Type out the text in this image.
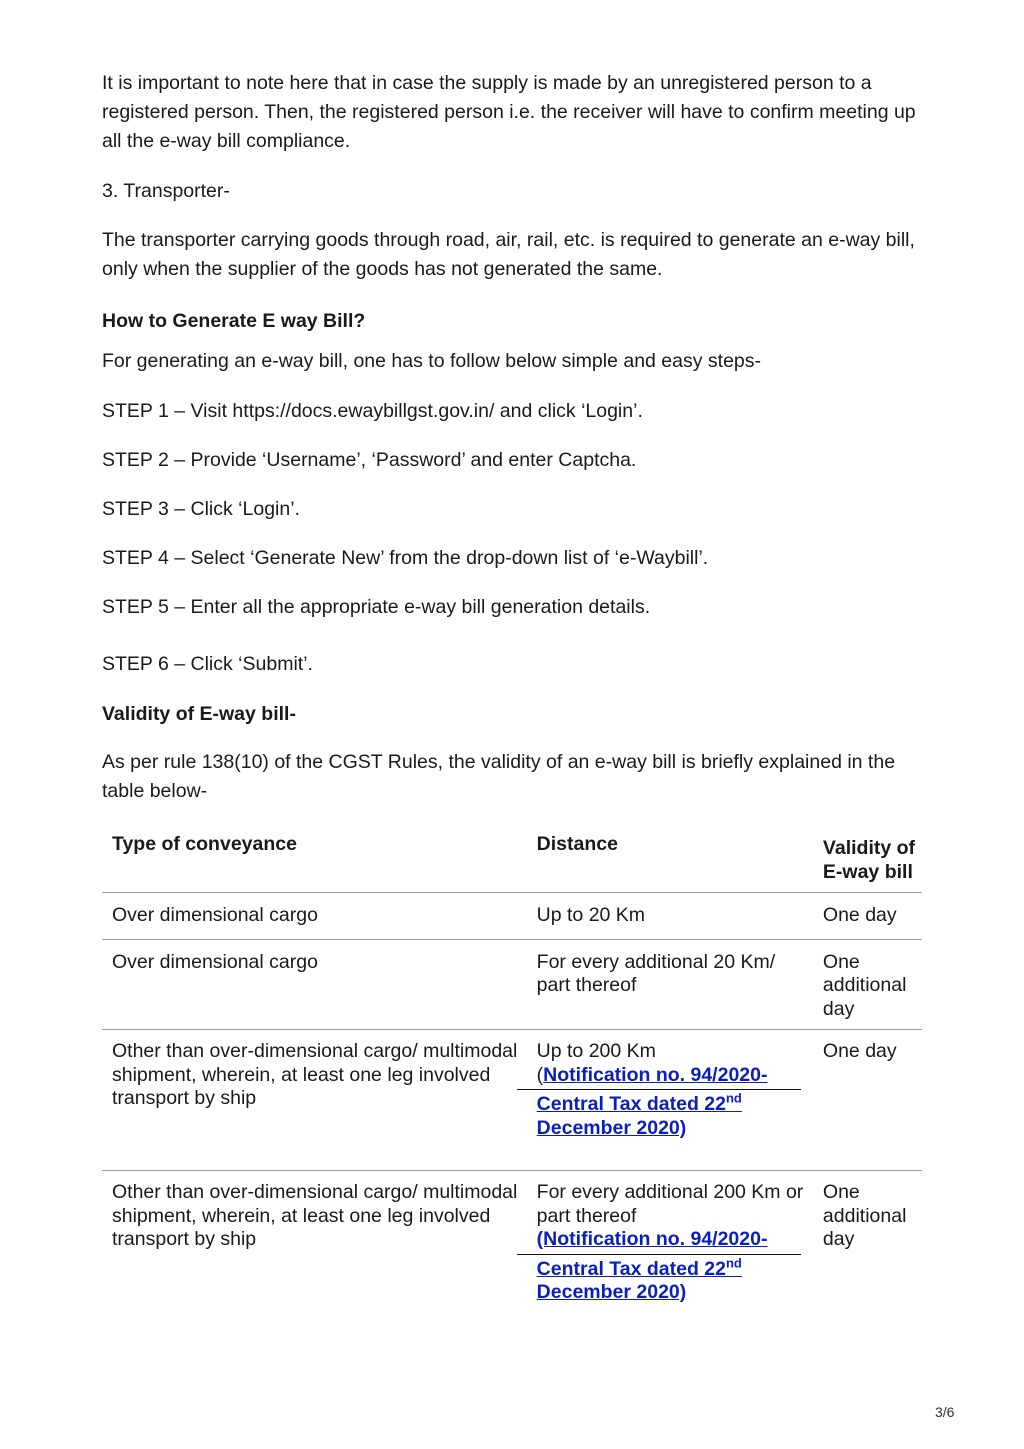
It is important to note here that in case the supply is made by an unregistered person to a registered person. Then, the registered person i.e. the receiver will have to confirm meeting up all the e-way bill compliance.

3. Transporter-

The transporter carrying goods through road, air, rail, etc. is required to generate an e-way bill, only when the supplier of the goods has not generated the same.

How to Generate E way Bill?

For generating an e-way bill, one has to follow below simple and easy steps-

STEP 1 – Visit https://docs.ewaybillgst.gov.in/ and click ‘Login’.

STEP 2 – Provide ‘Username’, ‘Password’ and enter Captcha.

STEP 3 – Click ‘Login’.

STEP 4 – Select ‘Generate New’ from the drop-down list of ‘e-Waybill’.

STEP 5 – Enter all the appropriate e-way bill generation details.

STEP 6 – Click ‘Submit’.

Validity of E-way bill-

As per rule 138(10) of the CGST Rules, the validity of an e-way bill is briefly explained in the table below-

Type of conveyance	Distance	Validity of E-way bill
Over dimensional cargo	Up to 20 Km	One day
Over dimensional cargo	For every additional 20 Km/ part thereof	One additional day
Other than over-dimensional cargo/ multimodal shipment, wherein, at least one leg involved transport by ship	Up to 200 Km
(Notification no. 94/2020-
Central Tax dated 22nd
December 2020)	One day
Other than over-dimensional cargo/ multimodal shipment, wherein, at least one leg involved transport by ship	For every additional 200 Km or part thereof
(Notification no. 94/2020-
Central Tax dated 22nd
December 2020)	One additional day
3/6
